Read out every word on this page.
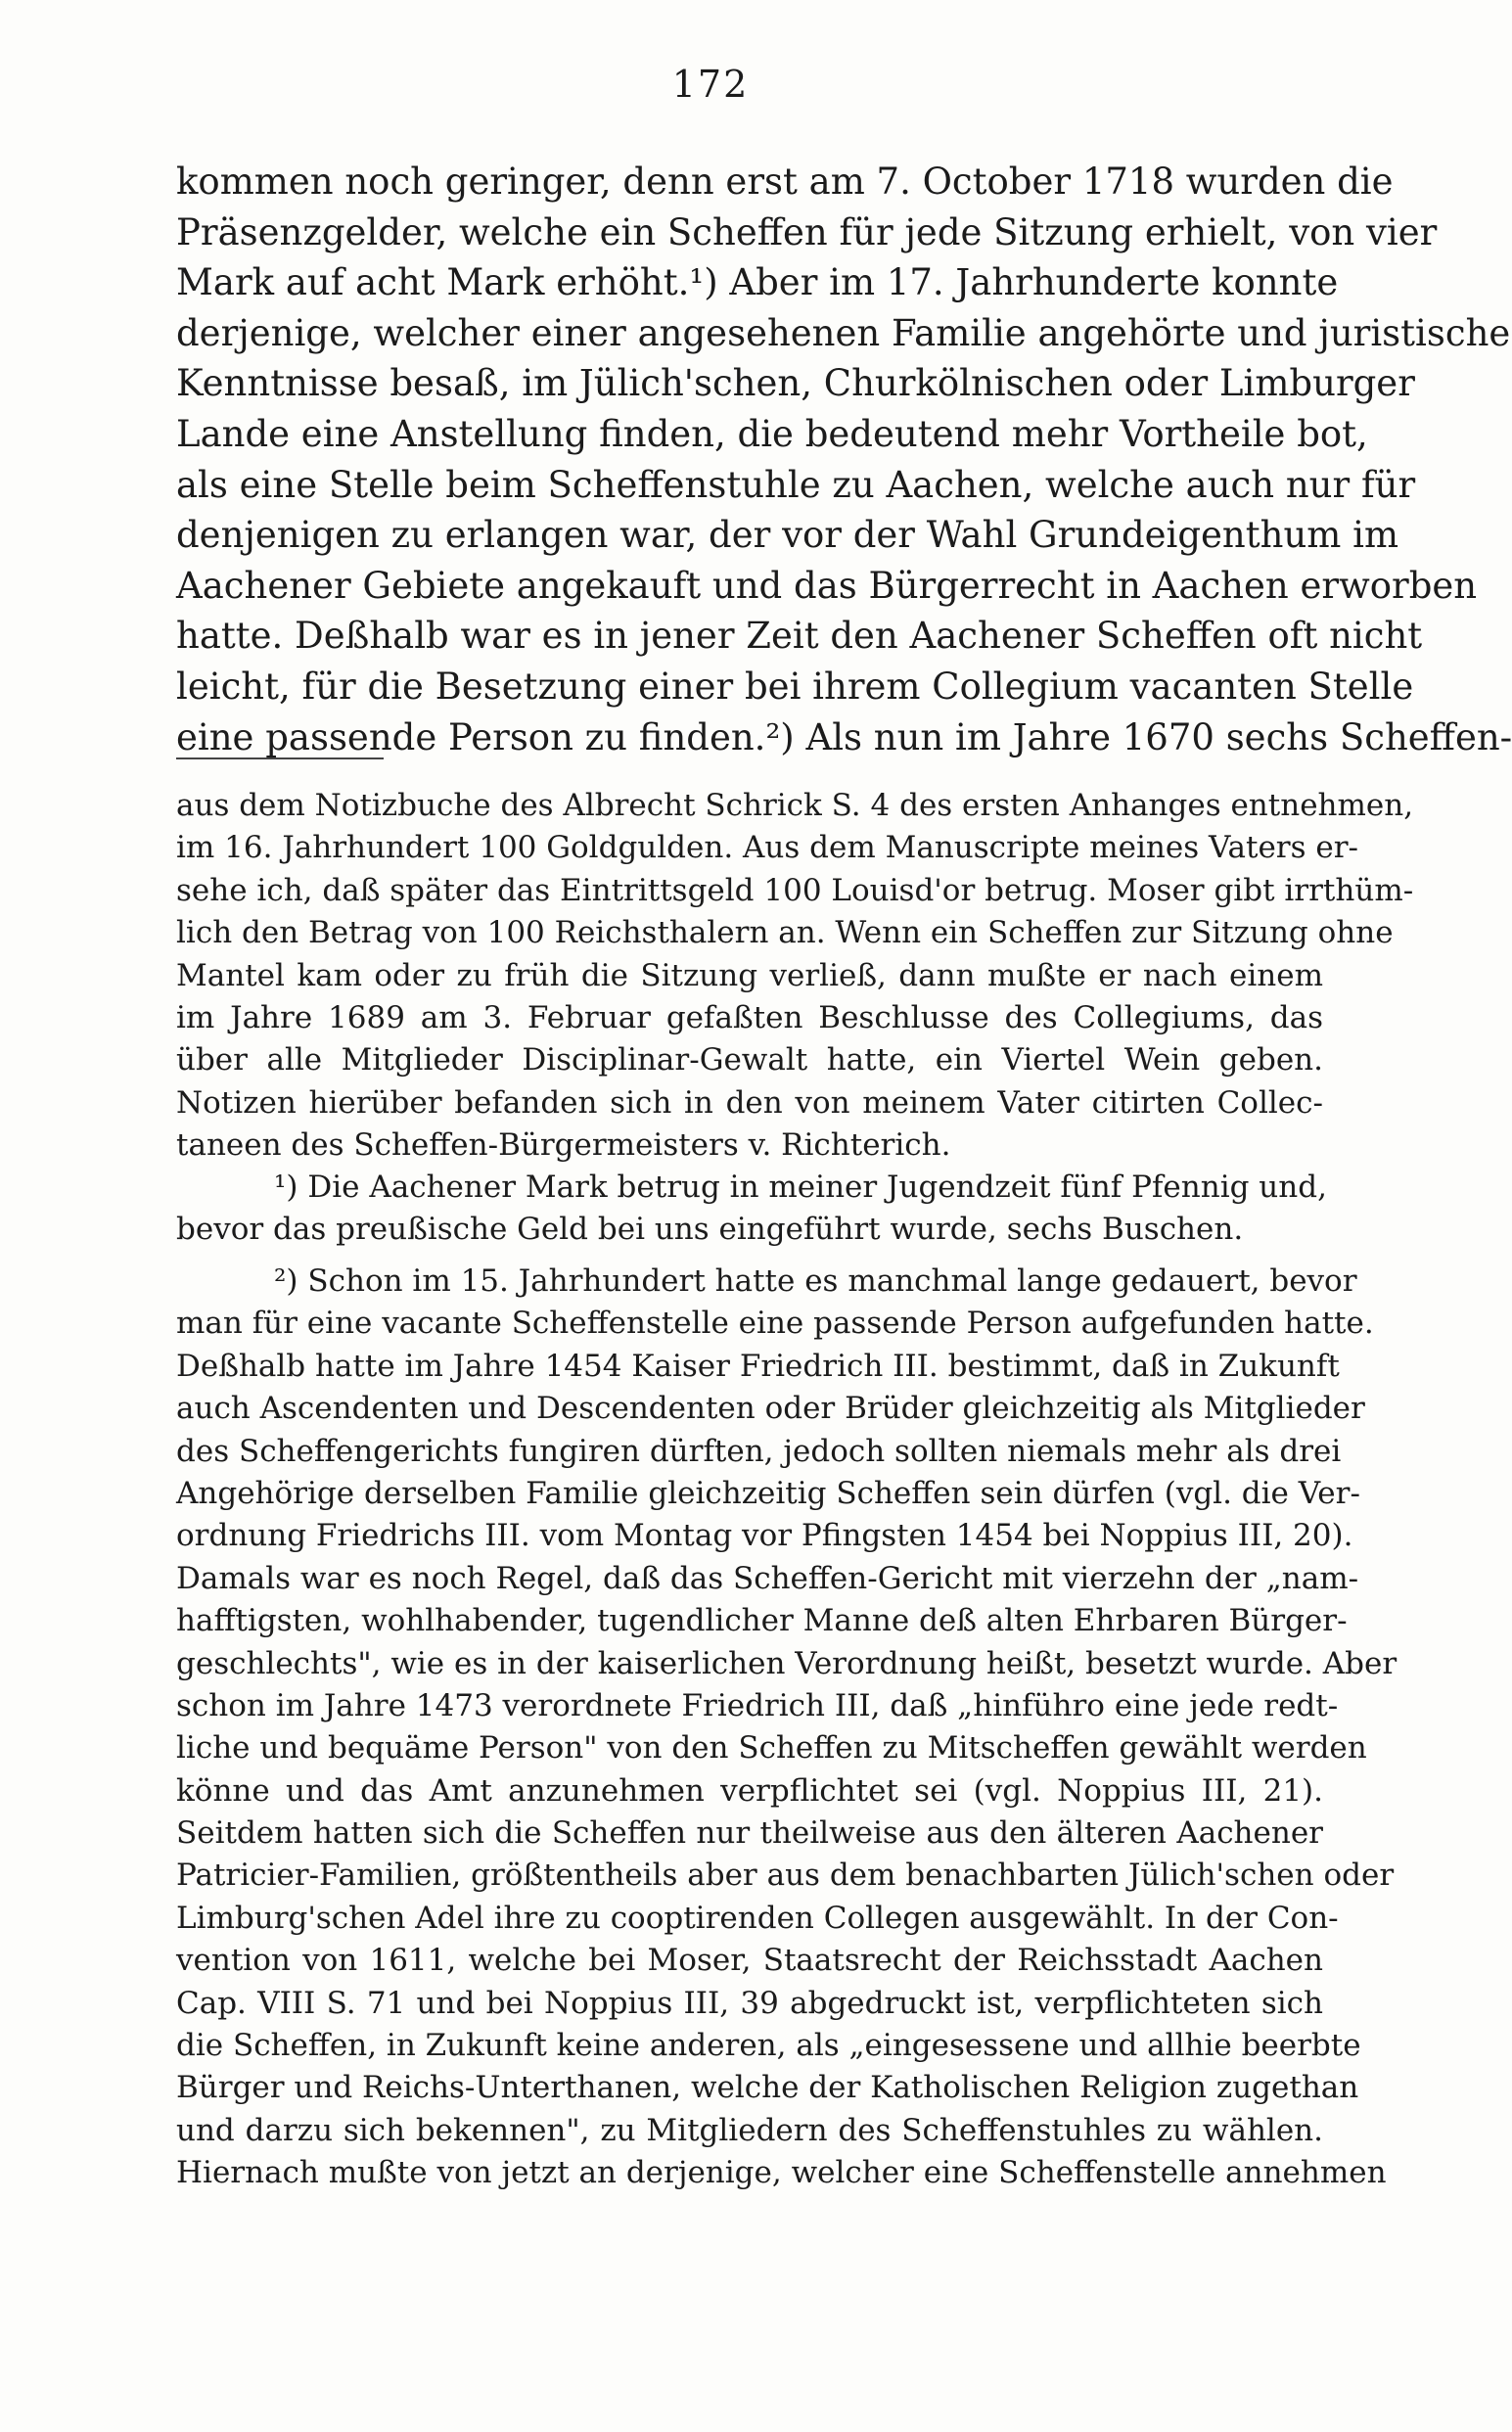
172
kommen noch geringer, denn erst am 7. October 1718 wurden die
Präsenzgelder, welche ein Scheffen für jede Sitzung erhielt, von vier
Mark auf acht Mark erhöht.¹) Aber im 17. Jahrhunderte konnte
derjenige, welcher einer angesehenen Familie angehörte und juristische
Kenntnisse besaß, im Jülich'schen, Churkölnischen oder Limburger
Lande eine Anstellung finden, die bedeutend mehr Vortheile bot,
als eine Stelle beim Scheffenstuhle zu Aachen, welche auch nur für
denjenigen zu erlangen war, der vor der Wahl Grundeigenthum im
Aachener Gebiete angekauft und das Bürgerrecht in Aachen erworben
hatte. Deßhalb war es in jener Zeit den Aachener Scheffen oft nicht
leicht, für die Besetzung einer bei ihrem Collegium vacanten Stelle
eine passende Person zu finden.²) Als nun im Jahre 1670 sechs Scheffen-
aus dem Notizbuche des Albrecht Schrick S. 4 des ersten Anhanges entnehmen,
im 16. Jahrhundert 100 Goldgulden. Aus dem Manuscripte meines Vaters er-
sehe ich, daß später das Eintrittsgeld 100 Louisd'or betrug. Moser gibt irrthüm-
lich den Betrag von 100 Reichsthalern an. Wenn ein Scheffen zur Sitzung ohne
Mantel kam oder zu früh die Sitzung verließ, dann mußte er nach einem
im Jahre 1689 am 3. Februar gefaßten Beschlusse des Collegiums, das
über alle Mitglieder Disciplinar-Gewalt hatte, ein Viertel Wein geben.
Notizen hierüber befanden sich in den von meinem Vater citirten Collec-
taneen des Scheffen-Bürgermeisters v. Richterich.
¹) Die Aachener Mark betrug in meiner Jugendzeit fünf Pfennig und,
bevor das preußische Geld bei uns eingeführt wurde, sechs Buschen.
²) Schon im 15. Jahrhundert hatte es manchmal lange gedauert, bevor
man für eine vacante Scheffenstelle eine passende Person aufgefunden hatte.
Deßhalb hatte im Jahre 1454 Kaiser Friedrich III. bestimmt, daß in Zukunft
auch Ascendenten und Descendenten oder Brüder gleichzeitig als Mitglieder
des Scheffengerichts fungiren dürften, jedoch sollten niemals mehr als drei
Angehörige derselben Familie gleichzeitig Scheffen sein dürfen (vgl. die Ver-
ordnung Friedrichs III. vom Montag vor Pfingsten 1454 bei Noppius III, 20).
Damals war es noch Regel, daß das Scheffen-Gericht mit vierzehn der „nam-
hafftigsten, wohlhabender, tugendlicher Manne deß alten Ehrbaren Bürger-
geschlechts", wie es in der kaiserlichen Verordnung heißt, besetzt wurde. Aber
schon im Jahre 1473 verordnete Friedrich III, daß „hinführo eine jede redt-
liche und bequäme Person" von den Scheffen zu Mitscheffen gewählt werden
könne und das Amt anzunehmen verpflichtet sei (vgl. Noppius III, 21).
Seitdem hatten sich die Scheffen nur theilweise aus den älteren Aachener
Patricier-Familien, größtentheils aber aus dem benachbarten Jülich'schen oder
Limburg'schen Adel ihre zu cooptirenden Collegen ausgewählt. In der Con-
vention von 1611, welche bei Moser, Staatsrecht der Reichsstadt Aachen
Cap. VIII S. 71 und bei Noppius III, 39 abgedruckt ist, verpflichteten sich
die Scheffen, in Zukunft keine anderen, als „eingesessene und allhie beerbte
Bürger und Reichs-Unterthanen, welche der Katholischen Religion zugethan
und darzu sich bekennen", zu Mitgliedern des Scheffenstuhles zu wählen.
Hiernach mußte von jetzt an derjenige, welcher eine Scheffenstelle annehmen
